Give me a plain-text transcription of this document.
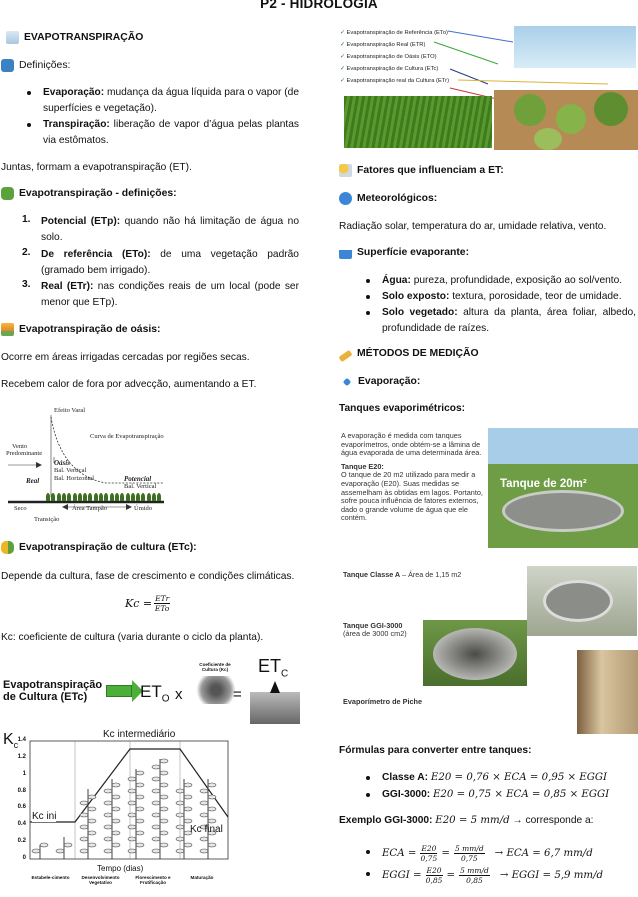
P2 - HIDROLOGIA
EVAPOTRANSPIRAÇÃO
Definições:
Evaporação: mudança da água líquida para o vapor (de superfícies e vegetação).
Transpiração: liberação de vapor d’água pelas plantas via estômatos.
Juntas, formam a evapotranspiração (ET).
Evapotranspiração - definições:
1. Potencial (ETp): quando não há limitação de água no solo.
2. De referência (ETo): de uma vegetação padrão (gramado bem irrigado).
3. Real (ETr): nas condições reais de um local (pode ser menor que ETp).
Evapotranspiração de oásis:
Ocorre em áreas irrigadas cercadas por regiões secas.
Recebem calor de fora por advecção, aumentando a ET.
Efeito Varal
Curva de Evapotranspiração
Vento
Predominante
Oásis
Bal. Vertical
Bal. Horizontal
Real	Potencial
Bal. Vertical
Seco	Área Tampão	Úmido
Transição
Evapotranspiração de cultura (ETc):
Depende da cultura, fase de crescimento e condições climáticas.
$Kc = \frac{\text{ETr}}{\text{ETo}}$
Kc: coeficiente de cultura (varia durante o ciclo da planta).
Evapotranspiração
de Cultura (ETc)	$ET_O$ x
Coeficiente de
Cultura (Kc)
=
$ET_C$
$K_c$
1.4
1.2
1
0.8
0.6
0.4
0.2
0
Kc intermediário
Kc ini
Kc final
Tempo (dias)
Estabele-cimento	Desenvolvimento Vegetativo
Florescimento e Frutificação
Maturação
✓ Evapotranspiração de Referência (ETo)
✓ Evapotranspiração Real (ETR)
✓ Evapotranspiração de Oásis (ETO)
✓ Evapotranspiração de Cultura (ETc)
✓ Evapotranspiração real da Cultura (ETr)
Fatores que influenciam a ET:
Meteorológicos:
Radiação solar, temperatura do ar, umidade relativa, vento.
Superfície evaporante:
Água: pureza, profundidade, exposição ao sol/vento.
Solo exposto: textura, porosidade, teor de umidade.
Solo vegetado: altura da planta, área foliar, albedo, profundidade de raízes.
MÉTODOS DE MEDIÇÃO
Evaporação:
Tanques evaporimétricos:
A evaporação é medida com tanques evaporímetros, onde obtém-se a lâmina de água evaporada de uma determinada área.
Tanque E20:
O tanque de 20 m2 utilizado para medir a evaporação (E20). Suas medidas se assemelham às obtidas em lagos. Portanto, sofre pouca influência de fatores externos, dado o grande volume de água que ele contém.
Tanque de 20m²
Tanque Classe A – Área de 1,15 m2
Tanque GGI-3000
(área de 3000 cm2)
Evaporímetro de Piche
Fórmulas para converter entre tanques:
Classe A: E20 = 0,76 × ECA = 0,95 × EGGI
GGI-3000: E20 = 0,75 × ECA = 0,85 × EGGI
Exemplo GGI-3000: E20 = 5 mm/d → corresponde a:
ECA = $\frac{E20}{0,75} = \frac{5 mm/d}{0,75}$ → ECA = 6,7 mm/d
EGGI = $\frac{E20}{0,85} = \frac{5 mm/d}{0,85}$ → EGGI = 5,9 mm/d
